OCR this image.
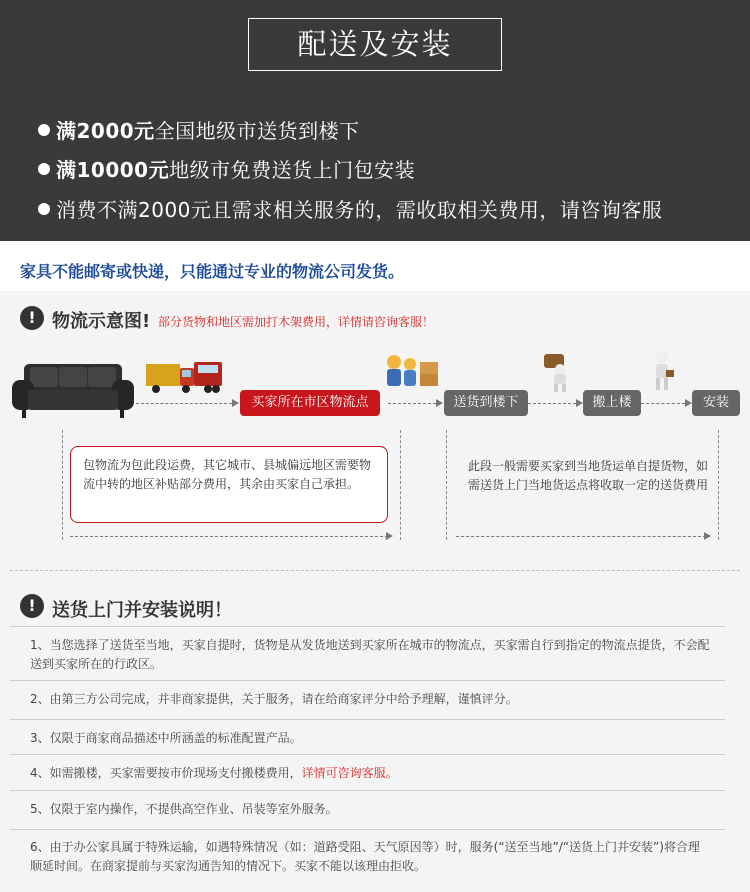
配送及安装
满2000元全国地级市送货到楼下
满10000元地级市免费送货上门包安装
消费不满2000元且需求相关服务的，需收取相关费用，请咨询客服
家具不能邮寄或快递，只能通过专业的物流公司发货。
! 物流示意图! 部分货物和地区需加打木架费用，详情请咨询客服！
买家所在市区物流点	送货到楼下	搬上楼	安装
包物流为包此段运费，其它城市、县城偏远地区需要物流中转的地区补贴部分费用，其余由买家自己承担。
此段一般需要买家到当地货运单自提货物，如需送货上门当地货运点将收取一定的送货费用
! 送货上门并安装说明！
1、当您选择了送货至当地，买家自提时，货物是从发货地送到买家所在城市的物流点，买家需自行到指定的物流点提货，不会配送到买家所在的行政区。
2、由第三方公司完成，并非商家提供，关于服务，请在给商家评分中给予理解，谨慎评分。
3、仅限于商家商品描述中所涵盖的标准配置产品。
4、如需搬楼，买家需要按市价现场支付搬楼费用，详情可咨询客服。
5、仅限于室内操作，不提供高空作业、吊装等室外服务。
6、由于办公家具属于特殊运输，如遇特殊情况（如：道路受阻、天气原因等）时，服务(“送至当地”/“送货上门并安装”)将合理顺延时间。在商家提前与买家沟通告知的情况下。买家不能以该理由拒收。
